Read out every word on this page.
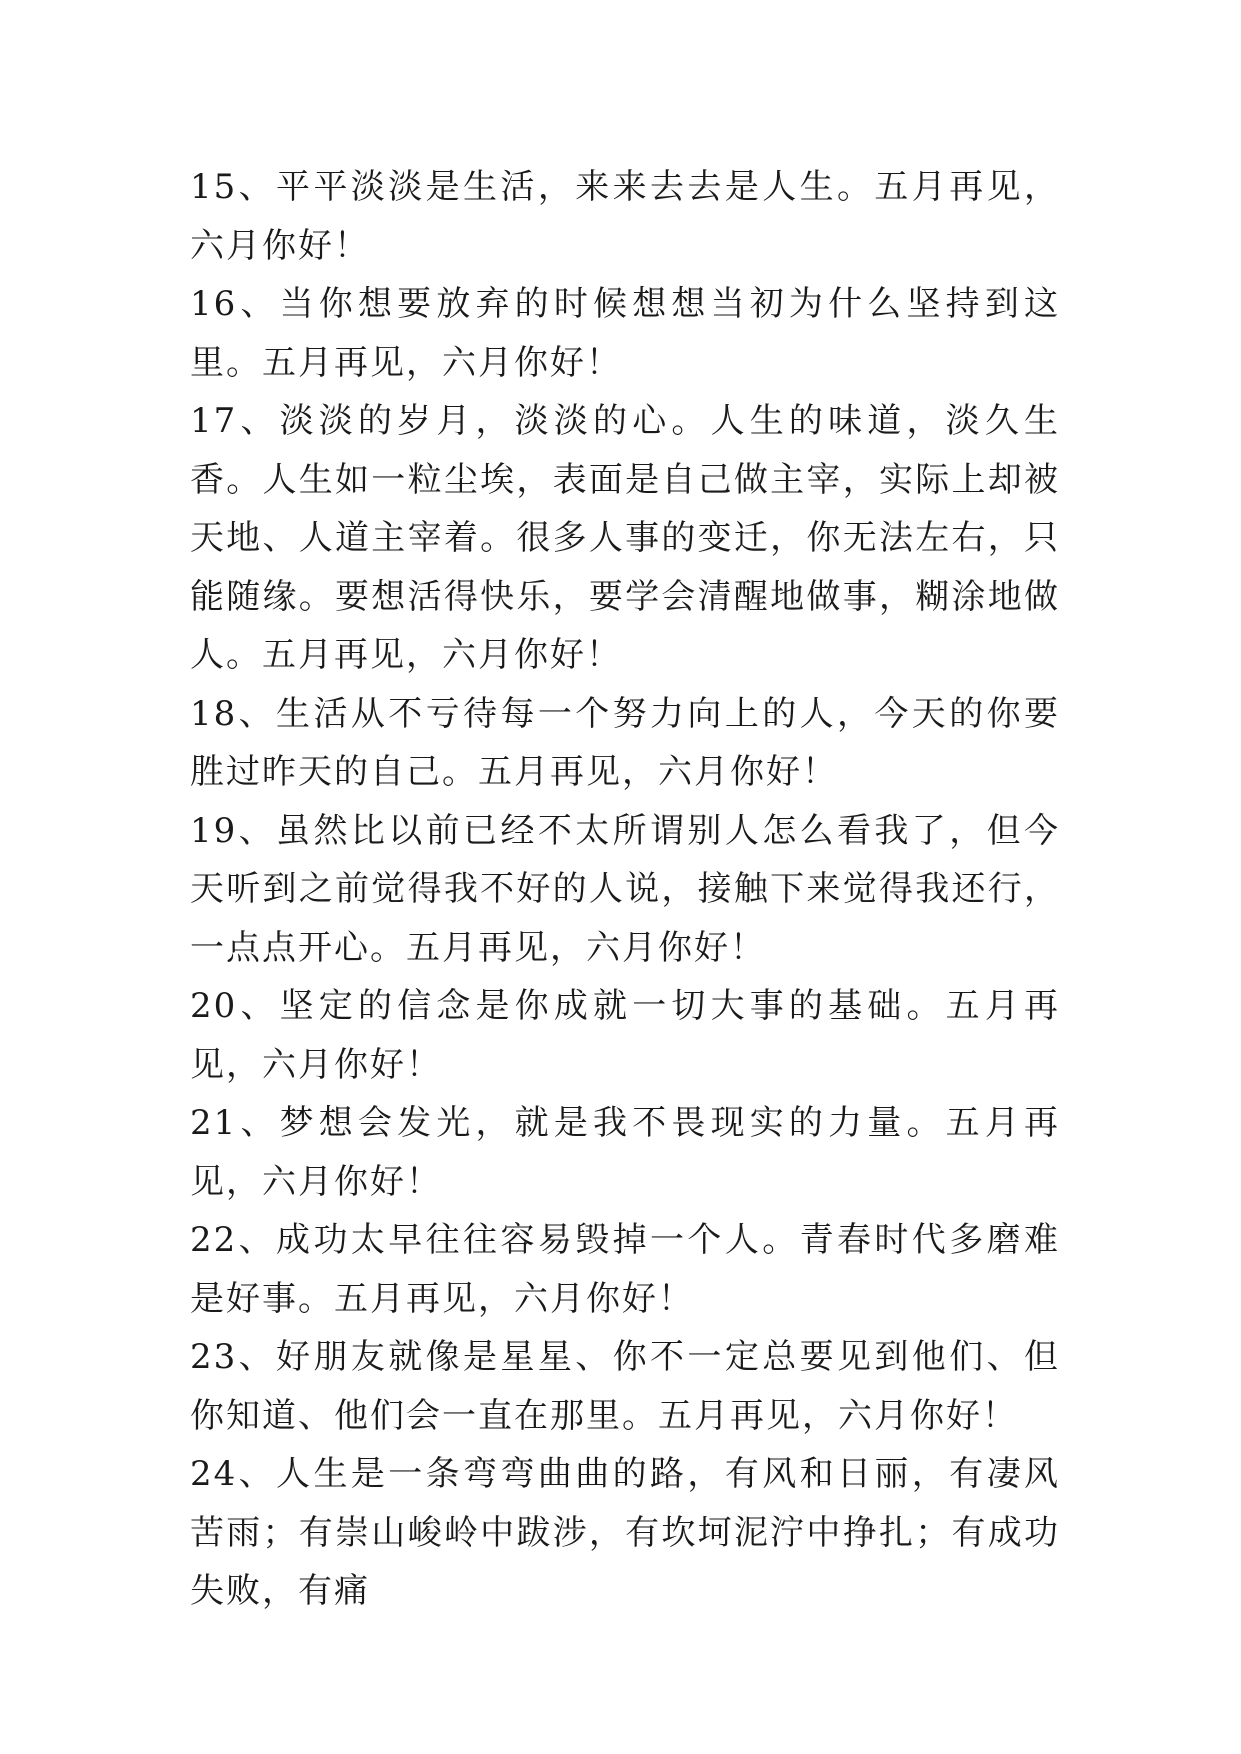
15、平平淡淡是生活，来来去去是人生。五月再见，六月你好！

16、当你想要放弃的时候想想当初为什么坚持到这里。五月再见，六月你好！

17、淡淡的岁月，淡淡的心。人生的味道，淡久生香。人生如一粒尘埃，表面是自己做主宰，实际上却被天地、人道主宰着。很多人事的变迁，你无法左右，只能随缘。要想活得快乐，要学会清醒地做事，糊涂地做人。五月再见，六月你好！

18、生活从不亏待每一个努力向上的人，今天的你要胜过昨天的自己。五月再见，六月你好！

19、虽然比以前已经不太所谓别人怎么看我了，但今天听到之前觉得我不好的人说，接触下来觉得我还行，一点点开心。五月再见，六月你好！

20、坚定的信念是你成就一切大事的基础。五月再见，六月你好！

21、梦想会发光，就是我不畏现实的力量。五月再见，六月你好！

22、成功太早往往容易毁掉一个人。青春时代多磨难是好事。五月再见，六月你好！

23、好朋友就像是星星、你不一定总要见到他们、但你知道、他们会一直在那里。五月再见，六月你好！

24、人生是一条弯弯曲曲的路，有风和日丽，有凄风苦雨；有崇山峻岭中跋涉，有坎坷泥泞中挣扎；有成功失败，有痛
